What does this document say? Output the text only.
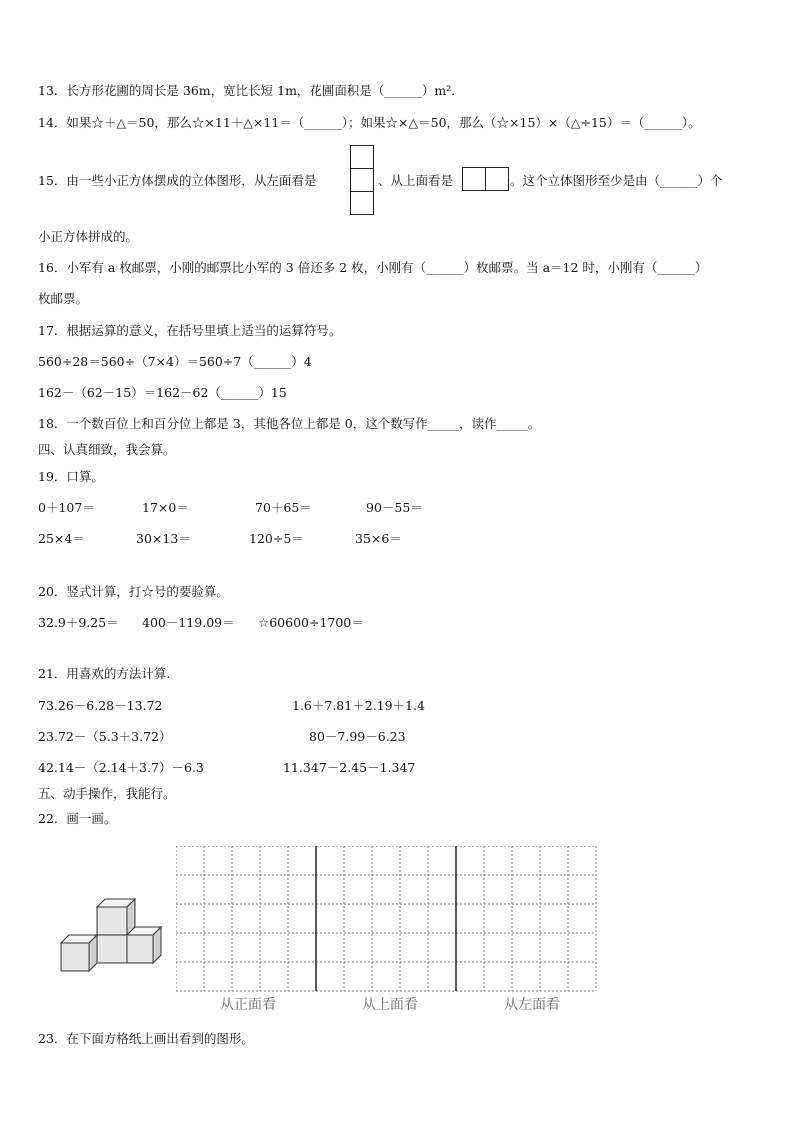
13．长方形花圃的周长是 36m，宽比长短 1m，花圃面积是（______）m²．
14．如果☆＋△＝50，那么☆×11＋△×11＝（______）；如果☆×△＝50，那么（☆×15）×（△÷15）＝（______）。
15．由一些小正方体摆成的立体图形，从左面看是	、从上面看是	。这个立体图形至少是由（______）个
小正方体拼成的。
16．小军有 a 枚邮票，小刚的邮票比小军的 3 倍还多 2 枚，小刚有（______）枚邮票。当 a＝12 时，小刚有（______）
枚邮票。
17．根据运算的意义，在括号里填上适当的运算符号。
560÷28＝560÷（7×4）＝560÷7（______）4
162－（62－15）＝162－62（______）15
18．一个数百位上和百分位上都是 3，其他各位上都是 0，这个数写作_____，读作_____。
四、认真细致，我会算。
19．口算。
0＋107＝	17×0＝	70＋65＝	90－55＝
25×4＝	30×13＝	120÷5＝	35×6＝
20．竖式计算，打☆号的要验算。
32.9＋9.25＝ 400－119.09＝ ☆60600÷1700＝
21．用喜欢的方法计算.
73.26－6.28－13.72	1.6＋7.81＋2.19＋1.4
23.72－（5.3＋3.72）	80－7.99－6.23
42.14－（2.14＋3.7）－6.3	11.347－2.45－1.347
五、动手操作，我能行。
22．画一画。
从正面看	从上面看	从左面看
23．在下面方格纸上画出看到的图形。
